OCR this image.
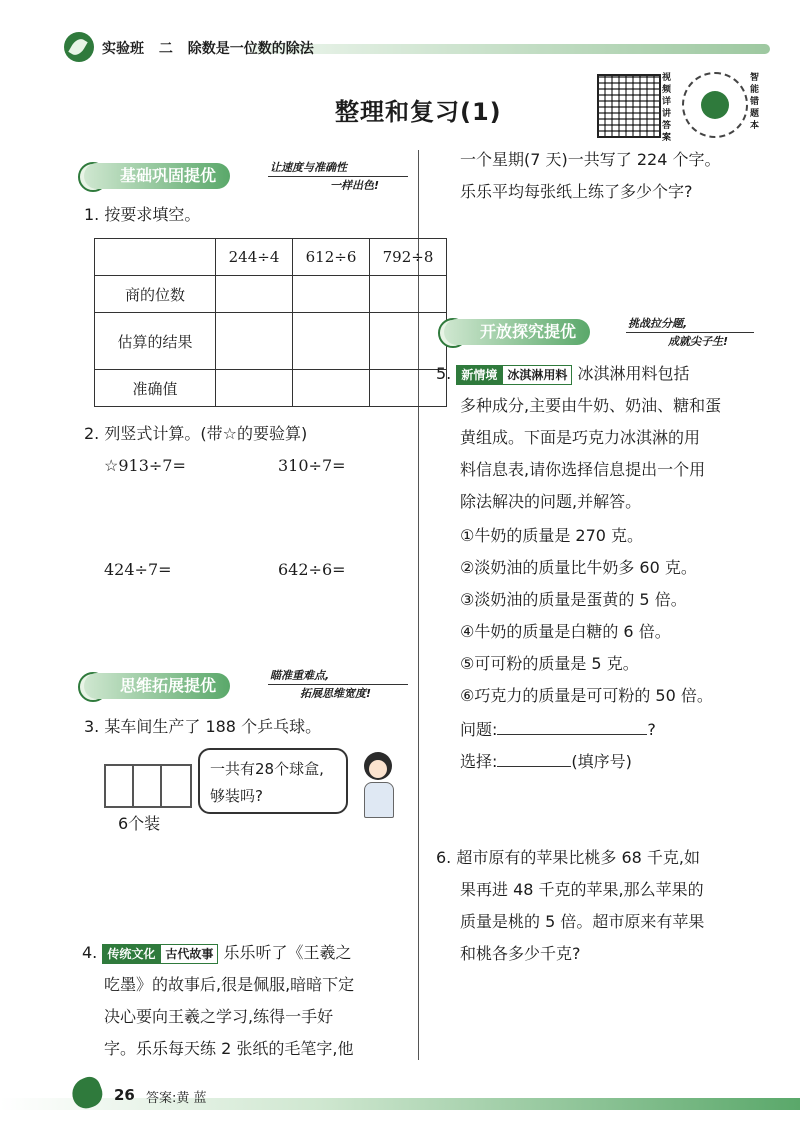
实验班 二 除数是一位数的除法
整理和复习(1)
视频详讲答案
智能错题本
基础巩固提优	让速度与准确性
一样出色!
1. 按要求填空。
	244÷4	612÷6	792÷8
商的位数			
估算的结果			
准确值			
2. 列竖式计算。(带☆的要验算)
☆913÷7=	310÷7=
424÷7=	642÷6=
思维拓展提优
瞄准重难点,
拓展思维宽度!
3. 某车间生产了 188 个乒乓球。
6个装
一共有28个球盒,够装吗?
4. 传统文化 古代故事 乐乐听了《王羲之
吃墨》的故事后,很是佩服,暗暗下定
决心要向王羲之学习,练得一手好
字。乐乐每天练 2 张纸的毛笔字,他
一个星期(7 天)一共写了 224 个字。
乐乐平均每张纸上练了多少个字?
开放探究提优	挑战拉分题,
成就尖子生!
5. 新情境 冰淇淋用料 冰淇淋用料包括
多种成分,主要由牛奶、奶油、糖和蛋
黄组成。下面是巧克力冰淇淋的用
料信息表,请你选择信息提出一个用
除法解决的问题,并解答。
①牛奶的质量是 270 克。
②淡奶油的质量比牛奶多 60 克。
③淡奶油的质量是蛋黄的 5 倍。
④牛奶的质量是白糖的 6 倍。
⑤可可粉的质量是 5 克。
⑥巧克力的质量是可可粉的 50 倍。
问题:	?
选择:	(填序号)
6. 超市原有的苹果比桃多 68 千克,如
果再进 48 千克的苹果,那么苹果的
质量是桃的 5 倍。超市原来有苹果
和桃各多少千克?
26 答案:黄 蓝
